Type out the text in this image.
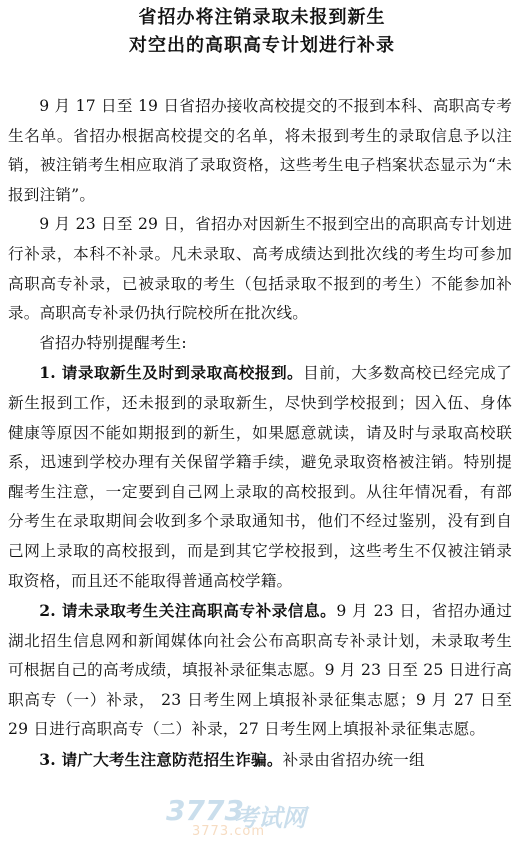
省招办将注销录取未报到新生
对空出的高职高专计划进行补录

9 月 17 日至 19 日省招办接收高校提交的不报到本科、高职高专考生名单。省招办根据高校提交的名单，将未报到考生的录取信息予以注销，被注销考生相应取消了录取资格，这些考生电子档案状态显示为“未报到注销”。

9 月 23 日至 29 日，省招办对因新生不报到空出的高职高专计划进行补录，本科不补录。凡未录取、高考成绩达到批次线的考生均可参加高职高专补录，已被录取的考生（包括录取不报到的考生）不能参加补录。高职高专补录仍执行院校所在批次线。

省招办特别提醒考生:

1. 请录取新生及时到录取高校报到。目前，大多数高校已经完成了新生报到工作，还未报到的录取新生，尽快到学校报到；因入伍、身体健康等原因不能如期报到的新生，如果愿意就读，请及时与录取高校联系，迅速到学校办理有关保留学籍手续，避免录取资格被注销。特别提醒考生注意，一定要到自己网上录取的高校报到。从往年情况看，有部分考生在录取期间会收到多个录取通知书，他们不经过鉴别，没有到自己网上录取的高校报到，而是到其它学校报到，这些考生不仅被注销录取资格，而且还不能取得普通高校学籍。

2. 请未录取考生关注高职高专补录信息。9 月 23 日，省招办通过湖北招生信息网和新闻媒体向社会公布高职高专补录计划，未录取考生可根据自己的高考成绩，填报补录征集志愿。9 月 23 日至 25 日进行高职高专（一）补录， 23 日考生网上填报补录征集志愿；9 月 27 日至 29 日进行高职高专（二）补录，27 日考生网上填报补录征集志愿。

3. 请广大考生注意防范招生诈骗。补录由省招办统一组

3773
考试网
3773.com
